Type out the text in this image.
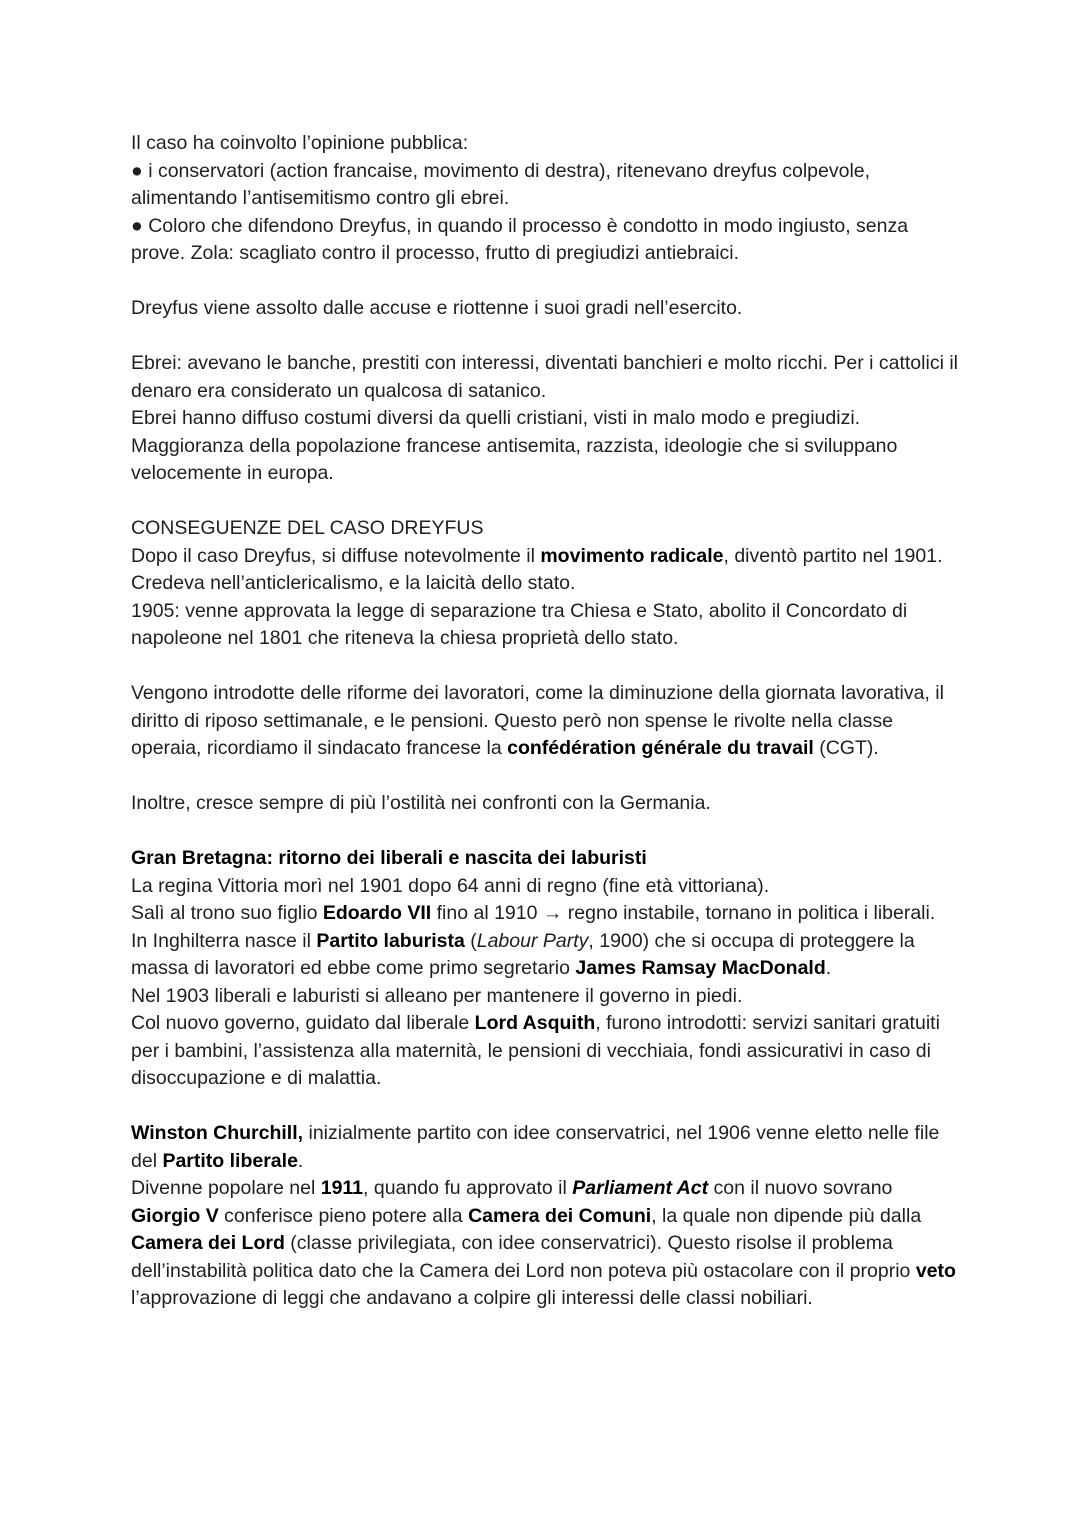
Il caso ha coinvolto l’opinione pubblica:

● i conservatori (action francaise, movimento di destra), ritenevano dreyfus colpevole, alimentando l’antisemitismo contro gli ebrei.

● Coloro che difendono Dreyfus, in quando il processo è condotto in modo ingiusto, senza prove. Zola: scagliato contro il processo, frutto di pregiudizi antiebraici.

Dreyfus viene assolto dalle accuse e riottenne i suoi gradi nell’esercito.

Ebrei: avevano le banche, prestiti con interessi, diventati banchieri e molto ricchi. Per i cattolici il denaro era considerato un qualcosa di satanico.

Ebrei hanno diffuso costumi diversi da quelli cristiani, visti in malo modo e pregiudizi.

Maggioranza della popolazione francese antisemita, razzista, ideologie che si sviluppano velocemente in europa.

CONSEGUENZE DEL CASO DREYFUS

Dopo il caso Dreyfus, si diffuse notevolmente il movimento radicale, diventò partito nel 1901. Credeva nell’anticlericalismo, e la laicità dello stato.

1905: venne approvata la legge di separazione tra Chiesa e Stato, abolito il Concordato di napoleone nel 1801 che riteneva la chiesa proprietà dello stato.

Vengono introdotte delle riforme dei lavoratori, come la diminuzione della giornata lavorativa, il diritto di riposo settimanale, e le pensioni. Questo però non spense le rivolte nella classe operaia, ricordiamo il sindacato francese la confédération générale du travail (CGT).

Inoltre, cresce sempre di più l’ostilità nei confronti con la Germania.

Gran Bretagna: ritorno dei liberali e nascita dei laburisti

La regina Vittoria morì nel 1901 dopo 64 anni di regno (fine età vittoriana).

Salì al trono suo figlio Edoardo VII fino al 1910 → regno instabile, tornano in politica i liberali.

In Inghilterra nasce il Partito laburista (Labour Party, 1900) che si occupa di proteggere la massa di lavoratori ed ebbe come primo segretario James Ramsay MacDonald.

Nel 1903 liberali e laburisti si alleano per mantenere il governo in piedi.

Col nuovo governo, guidato dal liberale Lord Asquith, furono introdotti: servizi sanitari gratuiti per i bambini, l’assistenza alla maternità, le pensioni di vecchiaia, fondi assicurativi in caso di disoccupazione e di malattia.

Winston Churchill, inizialmente partito con idee conservatrici, nel 1906 venne eletto nelle file del Partito liberale.

Divenne popolare nel 1911, quando fu approvato il Parliament Act con il nuovo sovrano Giorgio V conferisce pieno potere alla Camera dei Comuni, la quale non dipende più dalla Camera dei Lord (classe privilegiata, con idee conservatrici). Questo risolse il problema dell’instabilità politica dato che la Camera dei Lord non poteva più ostacolare con il proprio veto l’approvazione di leggi che andavano a colpire gli interessi delle classi nobiliari.
